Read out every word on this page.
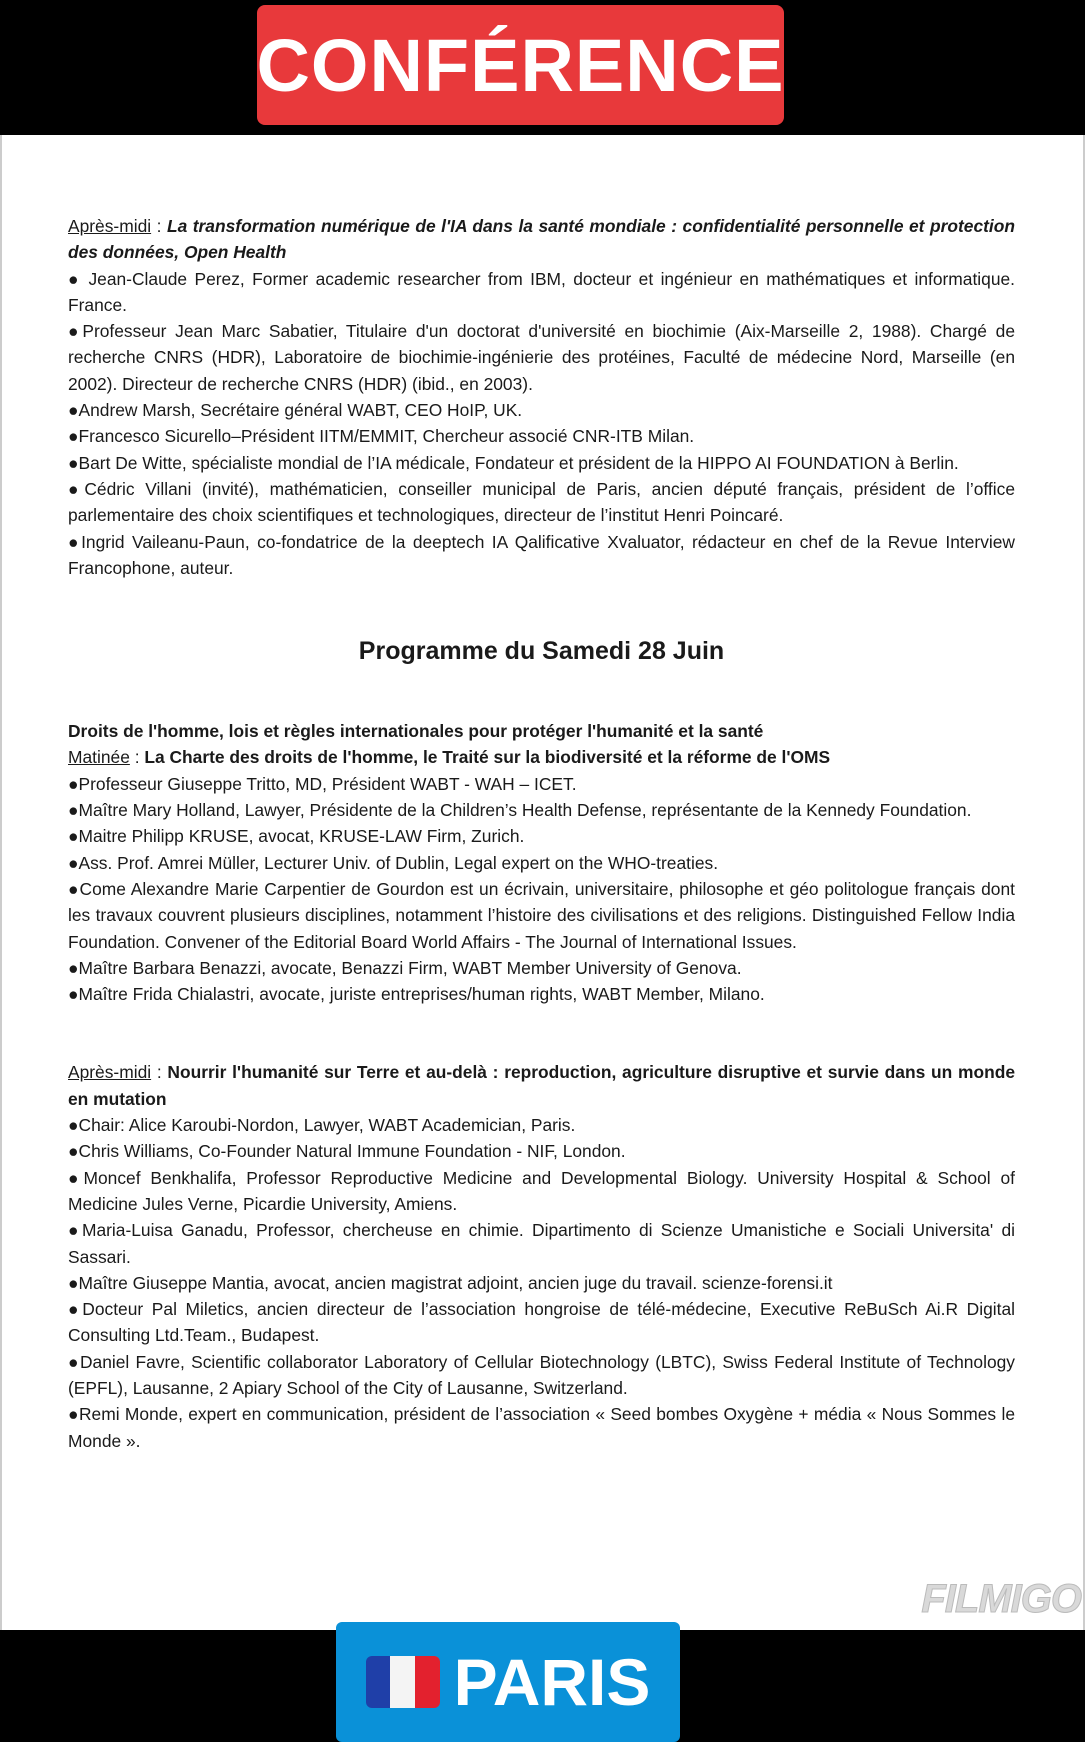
CONFÉRENCE

Après-midi : La transformation numérique de l'IA dans la santé mondiale : confidentialité personnelle et protection des données, Open Health

● Jean-Claude Perez, Former academic researcher from IBM, docteur et ingénieur en mathématiques et informatique. France.

●Professeur Jean Marc Sabatier, Titulaire d'un doctorat d'université en biochimie (Aix-Marseille 2, 1988). Chargé de recherche CNRS (HDR), Laboratoire de biochimie-ingénierie des protéines, Faculté de médecine Nord, Marseille (en 2002). Directeur de recherche CNRS (HDR) (ibid., en 2003).

●Andrew Marsh, Secrétaire général WABT, CEO HoIP, UK.

●Francesco Sicurello–Président IITM/EMMIT, Chercheur associé CNR-ITB Milan.

●Bart De Witte, spécialiste mondial de l’IA médicale, Fondateur et président de la HIPPO AI FOUNDATION à Berlin.

●Cédric Villani (invité), mathématicien, conseiller municipal de Paris, ancien député français, président de l’office parlementaire des choix scientifiques et technologiques, directeur de l’institut Henri Poincaré.

●Ingrid Vaileanu-Paun, co-fondatrice de la deeptech IA Qalificative Xvaluator, rédacteur en chef de la Revue Interview Francophone, auteur.

Programme du Samedi 28 Juin

Droits de l'homme, lois et règles internationales pour protéger l'humanité et la santé

Matinée : La Charte des droits de l'homme, le Traité sur la biodiversité et la réforme de l'OMS

●Professeur Giuseppe Tritto, MD, Président WABT - WAH – ICET.

●Maître Mary Holland, Lawyer, Présidente de la Children’s Health Defense, représentante de la Kennedy Foundation.

●Maitre Philipp KRUSE, avocat, KRUSE-LAW Firm, Zurich.

●Ass. Prof. Amrei Müller, Lecturer Univ. of Dublin, Legal expert on the WHO-treaties.

●Come Alexandre Marie Carpentier de Gourdon est un écrivain, universitaire, philosophe et géo politologue français dont les travaux couvrent plusieurs disciplines, notamment l’histoire des civilisations et des religions. Distinguished Fellow India Foundation. Convener of the Editorial Board World Affairs - The Journal of International Issues.

●Maître Barbara Benazzi, avocate, Benazzi Firm, WABT Member University of Genova.

●Maître Frida Chialastri, avocate, juriste entreprises/human rights, WABT Member, Milano.

Après-midi : Nourrir l'humanité sur Terre et au-delà : reproduction, agriculture disruptive et survie dans un monde en mutation

●Chair: Alice Karoubi-Nordon, Lawyer, WABT Academician, Paris.

●Chris Williams, Co-Founder Natural Immune Foundation - NIF, London.

●Moncef Benkhalifa, Professor Reproductive Medicine and Developmental Biology. University Hospital & School of Medicine Jules Verne, Picardie University, Amiens.

●Maria-Luisa Ganadu, Professor, chercheuse en chimie. Dipartimento di Scienze Umanistiche e Sociali Universita' di Sassari.

●Maître Giuseppe Mantia, avocat, ancien magistrat adjoint, ancien juge du travail. scienze-forensi.it

●Docteur Pal Miletics, ancien directeur de l’association hongroise de télé-médecine, Executive ReBuSch Ai.R Digital Consulting Ltd.Team., Budapest.

●Daniel Favre, Scientific collaborator Laboratory of Cellular Biotechnology (LBTC), Swiss Federal Institute of Technology (EPFL), Lausanne, 2 Apiary School of the City of Lausanne, Switzerland.

●Remi Monde, expert en communication, président de l’association « Seed bombes Oxygène + média « Nous Sommes le Monde ».

FILMIGO
PARIS
